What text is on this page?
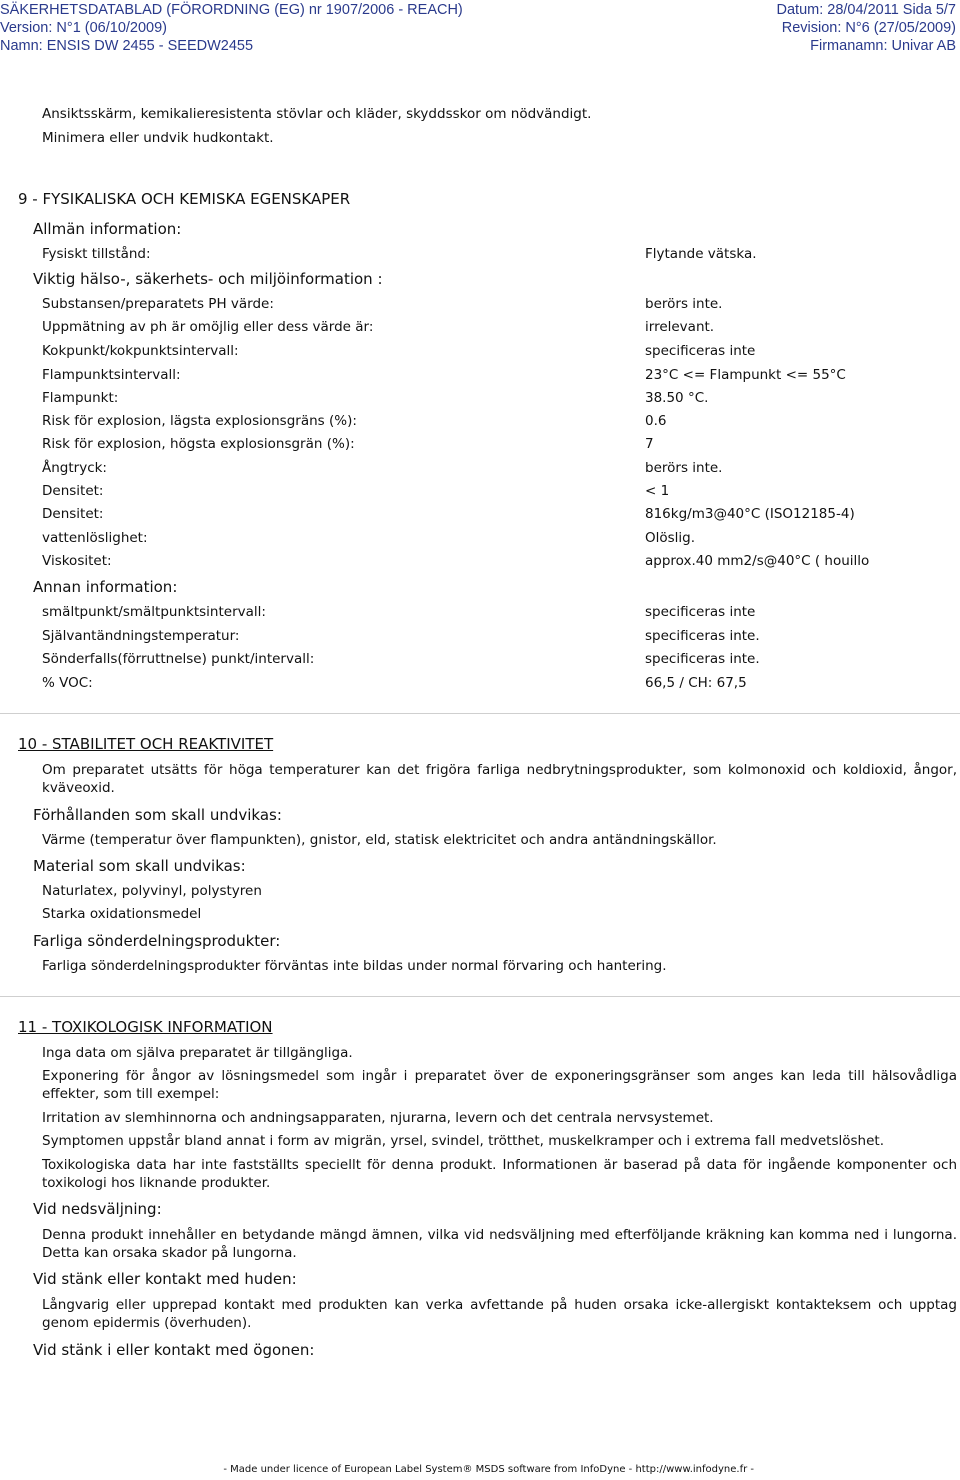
SÄKERHETSDATABLAD (FÖRORDNING (EG) nr 1907/2006 - REACH)	Datum: 28/04/2011 Sida 5/7
Version: N°1 (06/10/2009)	Revision: N°6 (27/05/2009)
Namn: ENSIS DW 2455 - SEEDW2455	Firmanamn: Univar AB
Ansiktsskärm, kemikalieresistenta stövlar och kläder, skyddsskor om nödvändigt.
Minimera eller undvik hudkontakt.
9 - FYSIKALISKA OCH KEMISKA EGENSKAPER
Allmän information:
Fysiskt tillstånd:	Flytande vätska.
Viktig hälso-, säkerhets- och miljöinformation :
Substansen/preparatets PH värde:	berörs inte.
Uppmätning av ph är omöjlig eller dess värde är:	irrelevant.
Kokpunkt/kokpunktsintervall:	specificeras inte
Flampunktsintervall:	23°C <= Flampunkt <= 55°C
Flampunkt:	38.50 °C.
Risk för explosion, lägsta explosionsgräns (%):	0.6
Risk för explosion, högsta explosionsgrän (%):	7
Ångtryck:	berörs inte.
Densitet:	< 1
Densitet:	816kg/m3@40°C (ISO12185-4)
vattenlöslighet:	Olöslig.
Viskositet:	approx.40 mm2/s@40°C ( houillo
Annan information:
smältpunkt/smältpunktsintervall:	specificeras inte
Självantändningstemperatur:	specificeras inte.
Sönderfalls(förruttnelse) punkt/intervall:	specificeras inte.
% VOC:	66,5 / CH: 67,5
10 - STABILITET OCH REAKTIVITET
Om preparatet utsätts för höga temperaturer kan det frigöra farliga nedbrytningsprodukter, som kolmonoxid och koldioxid, ångor, kväveoxid.
Förhållanden som skall undvikas:
Värme (temperatur över flampunkten), gnistor, eld, statisk elektricitet och andra antändningskällor.
Material som skall undvikas:
Naturlatex, polyvinyl, polystyren
Starka oxidationsmedel
Farliga sönderdelningsprodukter:
Farliga sönderdelningsprodukter förväntas inte bildas under normal förvaring och hantering.
11 - TOXIKOLOGISK INFORMATION
Inga data om själva preparatet är tillgängliga.
Exponering för ångor av lösningsmedel som ingår i preparatet över de exponeringsgränser som anges kan leda till hälsovådliga effekter, som till exempel:
Irritation av slemhinnorna och andningsapparaten, njurarna, levern och det centrala nervsystemet.
Symptomen uppstår bland annat i form av migrän, yrsel, svindel, trötthet, muskelkramper och i extrema fall medvetslöshet.
Toxikologiska data har inte fastställts speciellt för denna produkt. Informationen är baserad på data för ingående komponenter och toxikologi hos liknande produkter.
Vid nedsväljning:
Denna produkt innehåller en betydande mängd ämnen, vilka vid nedsväljning med efterföljande kräkning kan komma ned i lungorna. Detta kan orsaka skador på lungorna.
Vid stänk eller kontakt med huden:
Långvarig eller upprepad kontakt med produkten kan verka avfettande på huden orsaka icke-allergiskt kontakteksem och upptag genom epidermis (överhuden).
Vid stänk i eller kontakt med ögonen:
- Made under licence of European Label System® MSDS software from InfoDyne - http://www.infodyne.fr -
